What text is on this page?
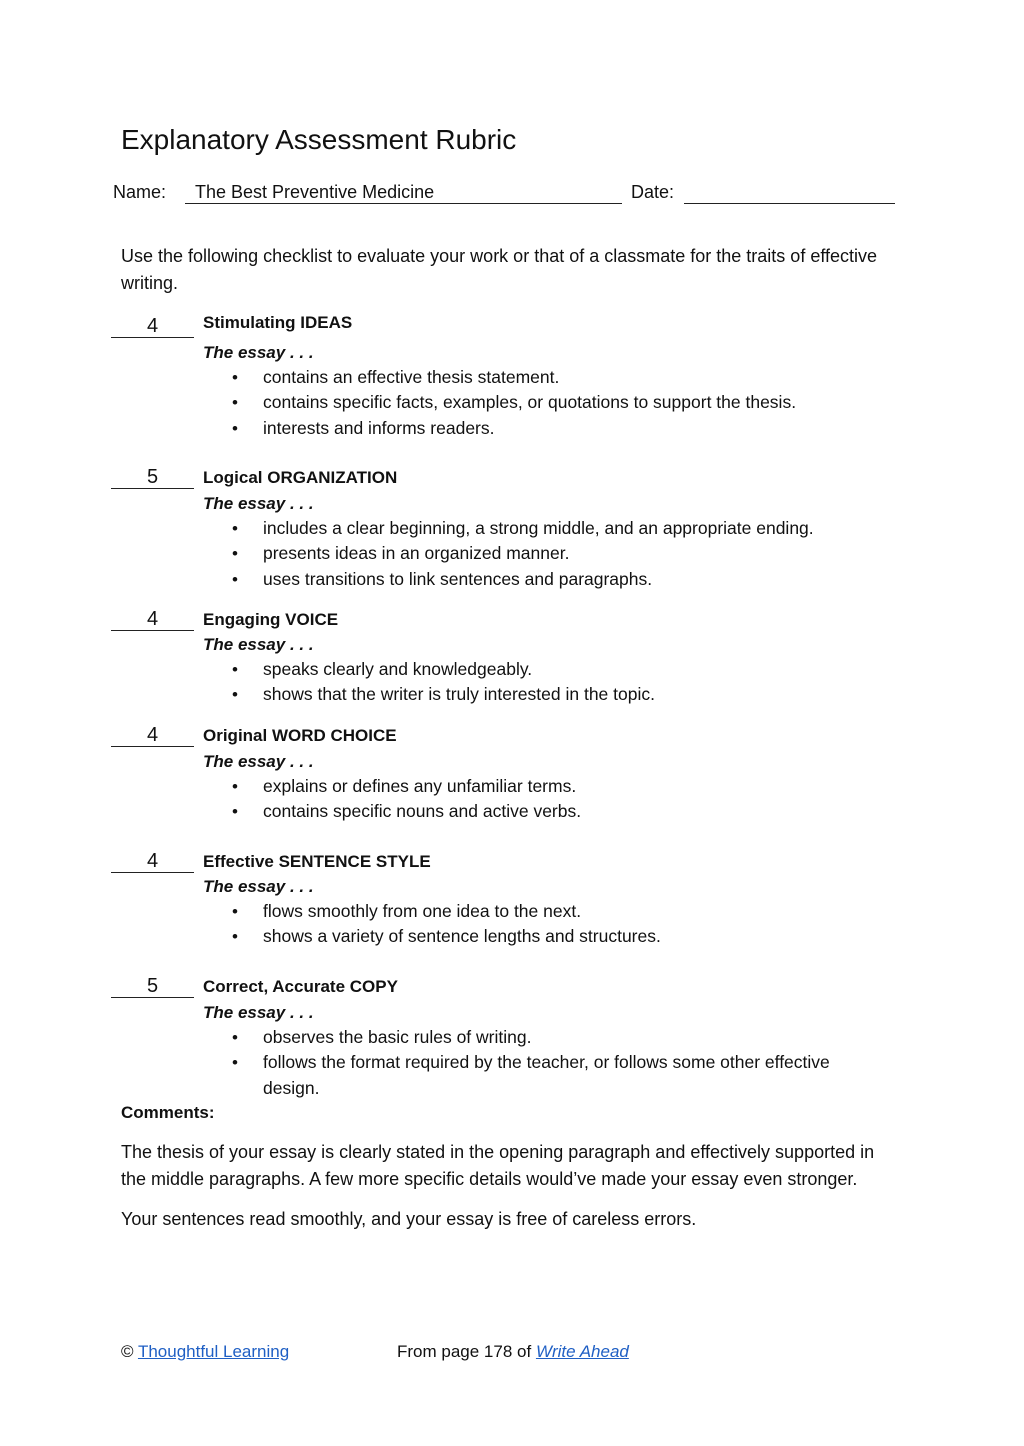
Explanatory Assessment Rubric
Name:	The Best Preventive Medicine	Date:

Use the following checklist to evaluate your work or that of a classmate for the traits of effective writing.

4	Stimulating IDEAS
The essay . . .
• contains an effective thesis statement.
• contains specific facts, examples, or quotations to support the thesis.
• interests and informs readers.
5	Logical ORGANIZATION
The essay . . .
• includes a clear beginning, a strong middle, and an appropriate ending.
• presents ideas in an organized manner.
• uses transitions to link sentences and paragraphs.
4	Engaging VOICE
The essay . . .
• speaks clearly and knowledgeably.
• shows that the writer is truly interested in the topic.
4	Original WORD CHOICE
The essay . . .
• explains or defines any unfamiliar terms.
• contains specific nouns and active verbs.
4	Effective SENTENCE STYLE
The essay . . .
• flows smoothly from one idea to the next.
• shows a variety of sentence lengths and structures.
5	Correct, Accurate COPY
The essay . . .
• observes the basic rules of writing.
• follows the format required by the teacher, or follows some other effective design.
Comments:

The thesis of your essay is clearly stated in the opening paragraph and effectively supported in the middle paragraphs. A few more specific details would’ve made your essay even stronger.

Your sentences read smoothly, and your essay is free of careless errors.

© Thoughtful Learning	From page 178 of Write Ahead
